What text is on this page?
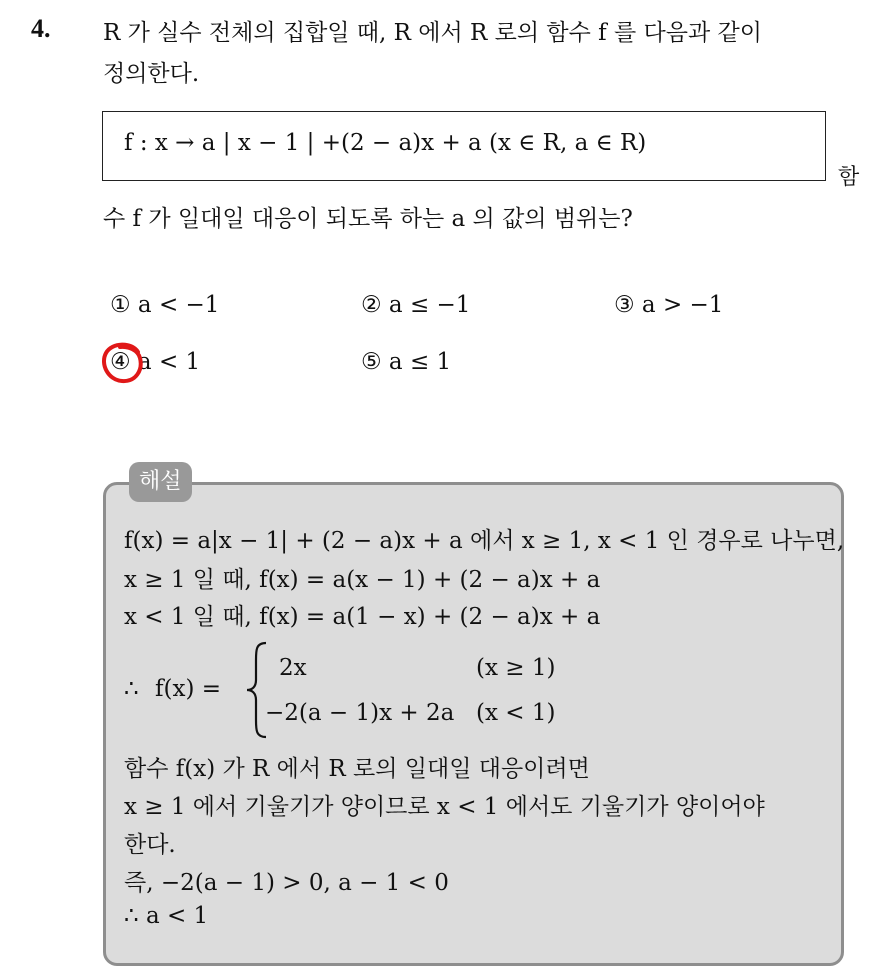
4. R 가 실수 전체의 집합일 때, R 에서 R 로의 함수 f 를 다음과 같이
정의한다.
f : x → a | x − 1 | +(2 − a)x + a (x ∈ R, a ∈ R)
함
수 f 가 일대일 대응이 되도록 하는 a 의 값의 범위는?
① a < −1	② a ≤ −1	③ a > −1
④ a < 1	⑤ a ≤ 1
해설
f(x) = a|x − 1| + (2 − a)x + a 에서 x ≥ 1, x < 1 인 경우로 나누면,
x ≥ 1 일 때, f(x) = a(x − 1) + (2 − a)x + a
x < 1 일 때, f(x) = a(1 − x) + (2 − a)x + a
∴ f(x) =
2x	(x ≥ 1)
−2(a − 1)x + 2a (x < 1)
함수 f(x) 가 R 에서 R 로의 일대일 대응이려면
x ≥ 1 에서 기울기가 양이므로 x < 1 에서도 기울기가 양이어야
한다.
즉, −2(a − 1) > 0, a − 1 < 0
∴ a < 1
